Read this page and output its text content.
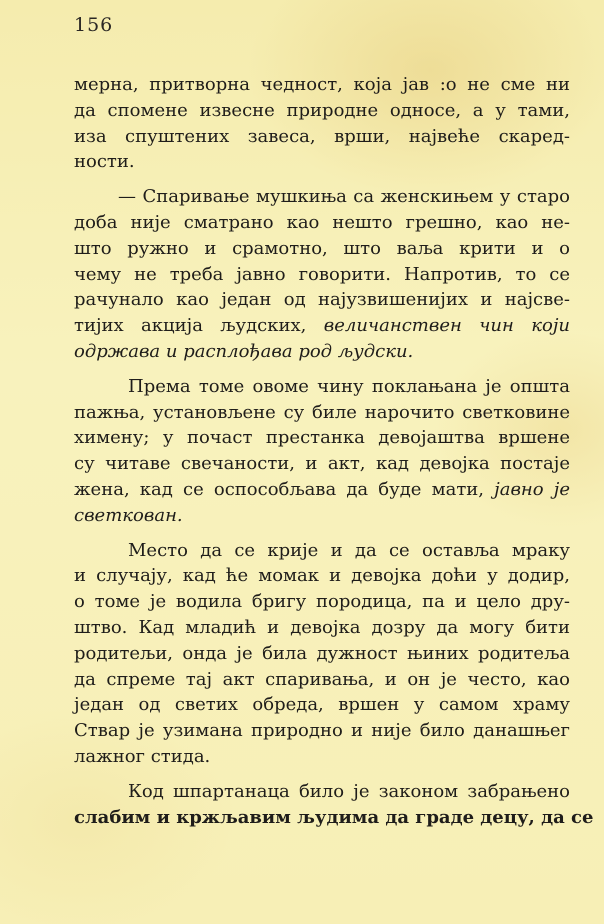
156
мерна, притворна чедност, која јав :о не сме ни
да спомене извесне природне односе, а у тами,
иза спуштених завеса, врши, највеће скаред-
ности.
— Спаривање мушкиња са женскињем у старо
доба није сматрано као нешто грешно, као не-
што ружно и срамотно, што ваља крити и о
чему не треба јавно говорити. Напротив, то се
рачунало као један од најузвишенијих и најсве-
тијих акција људских, величанствен чин који
одржава и расплођава род људски.
Према томе овоме чину поклањана је општа
пажња, установљене су биле нарочито светковине
химену; у почаст престанка девојаштва вршене
су читаве свечаности, и акт, кад девојка постаје
жена, кад се оспособљава да буде мати, јавно је
светкован.
Место да се крије и да се оставља мраку
и случају, кад ће момак и девојка доћи у додир,
о томе је водила бригу породица, па и цело дру-
штво. Кад младић и девојка дозру да могу бити
родитељи, онда је била дужност њиних родитеља
да спреме тај акт спаривања, и он је често, као
један од светих обреда, вршен у самом храму
Ствар је узимана природно и није било данашњег
лажног стида.
Код шпартанаца било је законом забрањено
слабим и кржљавим људима да граде децу, да се
